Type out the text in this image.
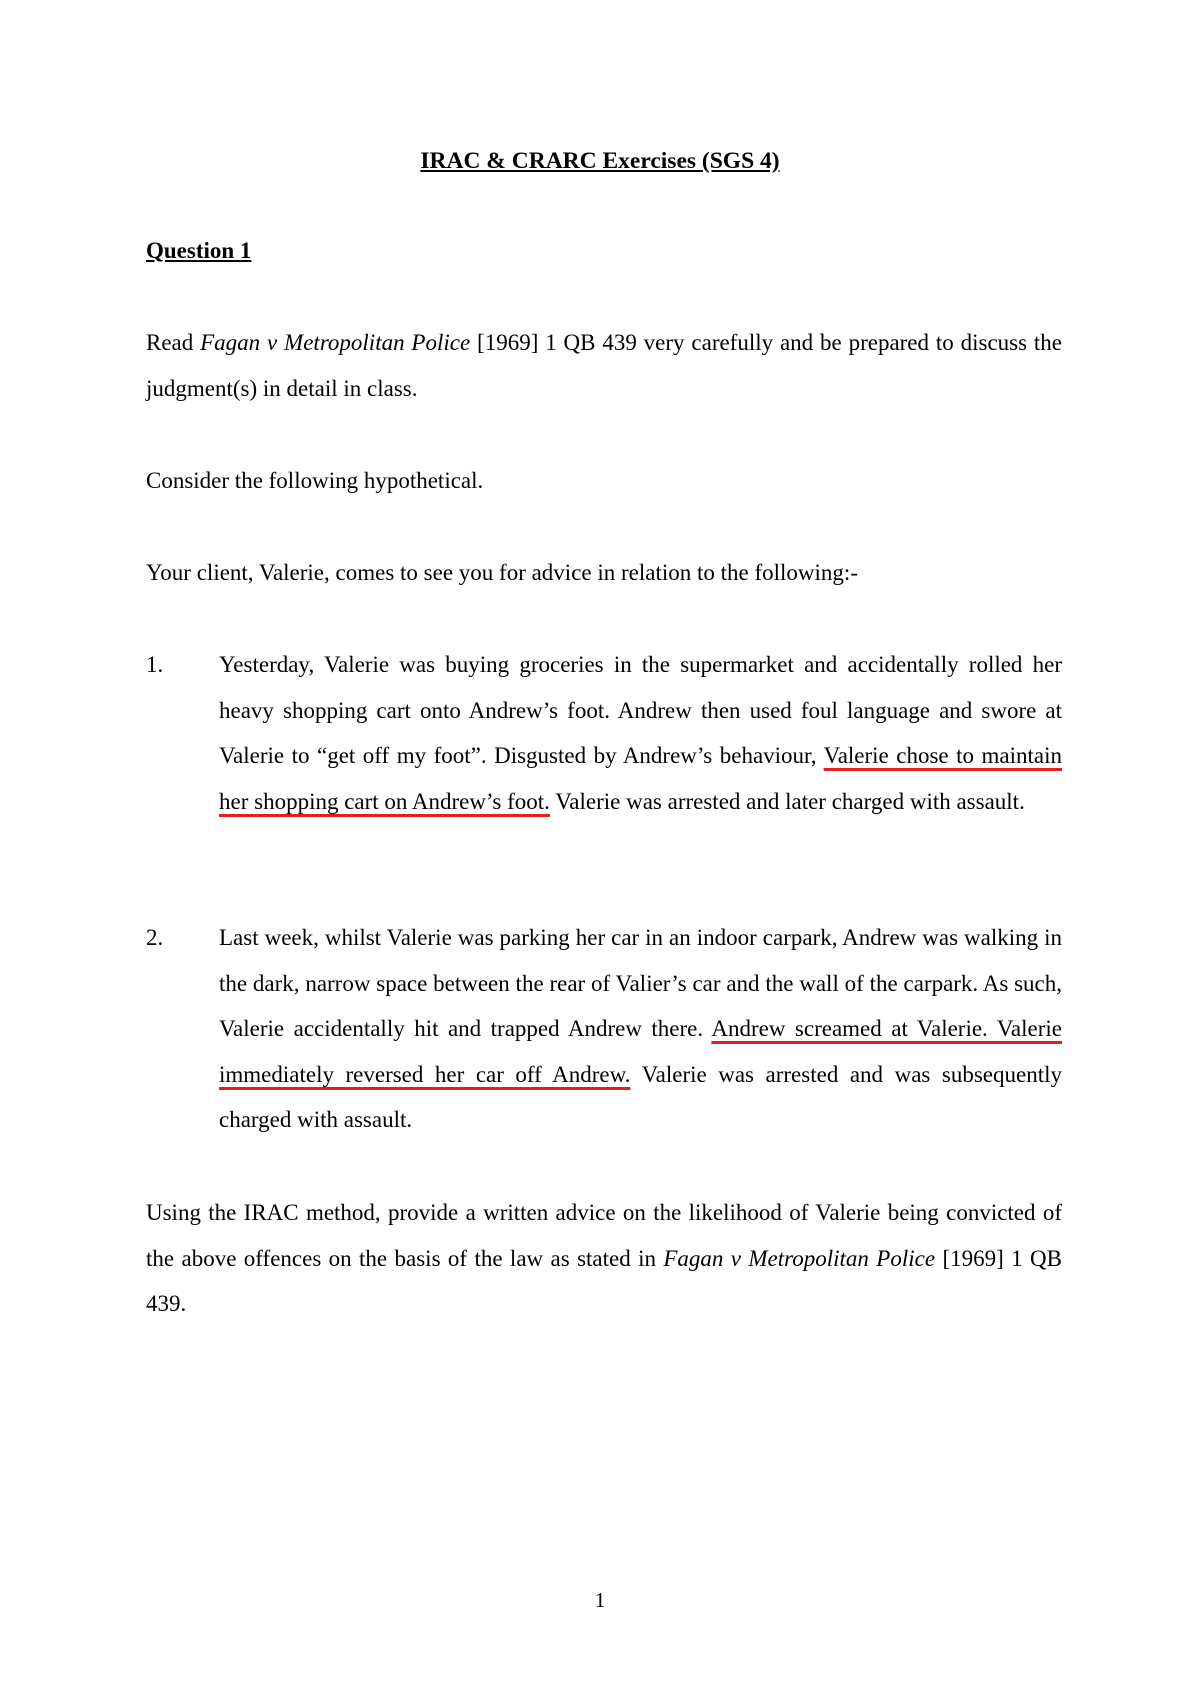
IRAC & CRARC Exercises (SGS 4)
Question 1
Read Fagan v Metropolitan Police [1969] 1 QB 439 very carefully and be prepared to discuss the judgment(s) in detail in class.
Consider the following hypothetical.
Your client, Valerie, comes to see you for advice in relation to the following:-
1. Yesterday, Valerie was buying groceries in the supermarket and accidentally rolled her heavy shopping cart onto Andrew’s foot. Andrew then used foul language and swore at Valerie to “get off my foot”. Disgusted by Andrew’s behaviour, Valerie chose to maintain her shopping cart on Andrew’s foot. Valerie was arrested and later charged with assault.
2. Last week, whilst Valerie was parking her car in an indoor carpark, Andrew was walking in the dark, narrow space between the rear of Valier’s car and the wall of the carpark. As such, Valerie accidentally hit and trapped Andrew there. Andrew screamed at Valerie. Valerie immediately reversed her car off Andrew. Valerie was arrested and was subsequently charged with assault.
Using the IRAC method, provide a written advice on the likelihood of Valerie being convicted of the above offences on the basis of the law as stated in Fagan v Metropolitan Police [1969] 1 QB 439.
1
